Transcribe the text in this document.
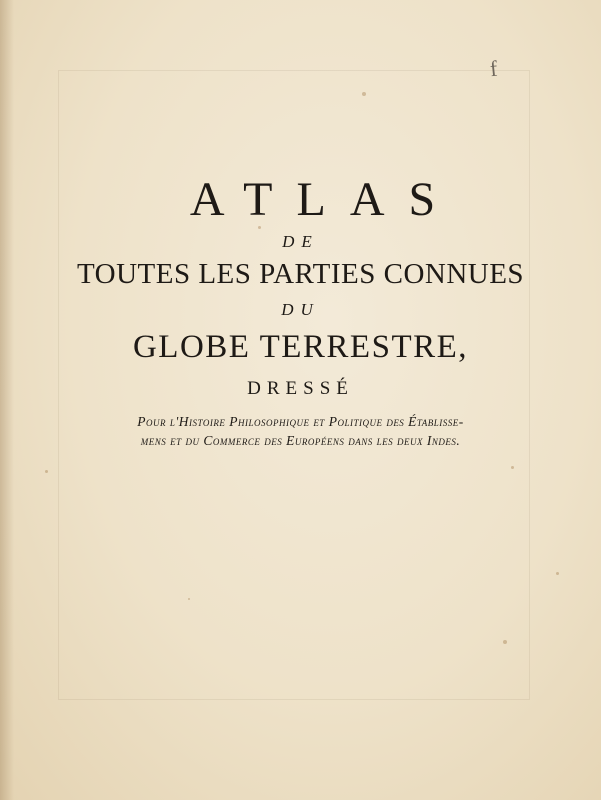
f
ATLAS
DE
TOUTES LES PARTIES CONNUES
DU
GLOBE TERRESTRE,
DRESSÉ
Pour l'Histoire Philosophique et Politique des Établisse-
mens et du Commerce des Européens dans les deux Indes.
